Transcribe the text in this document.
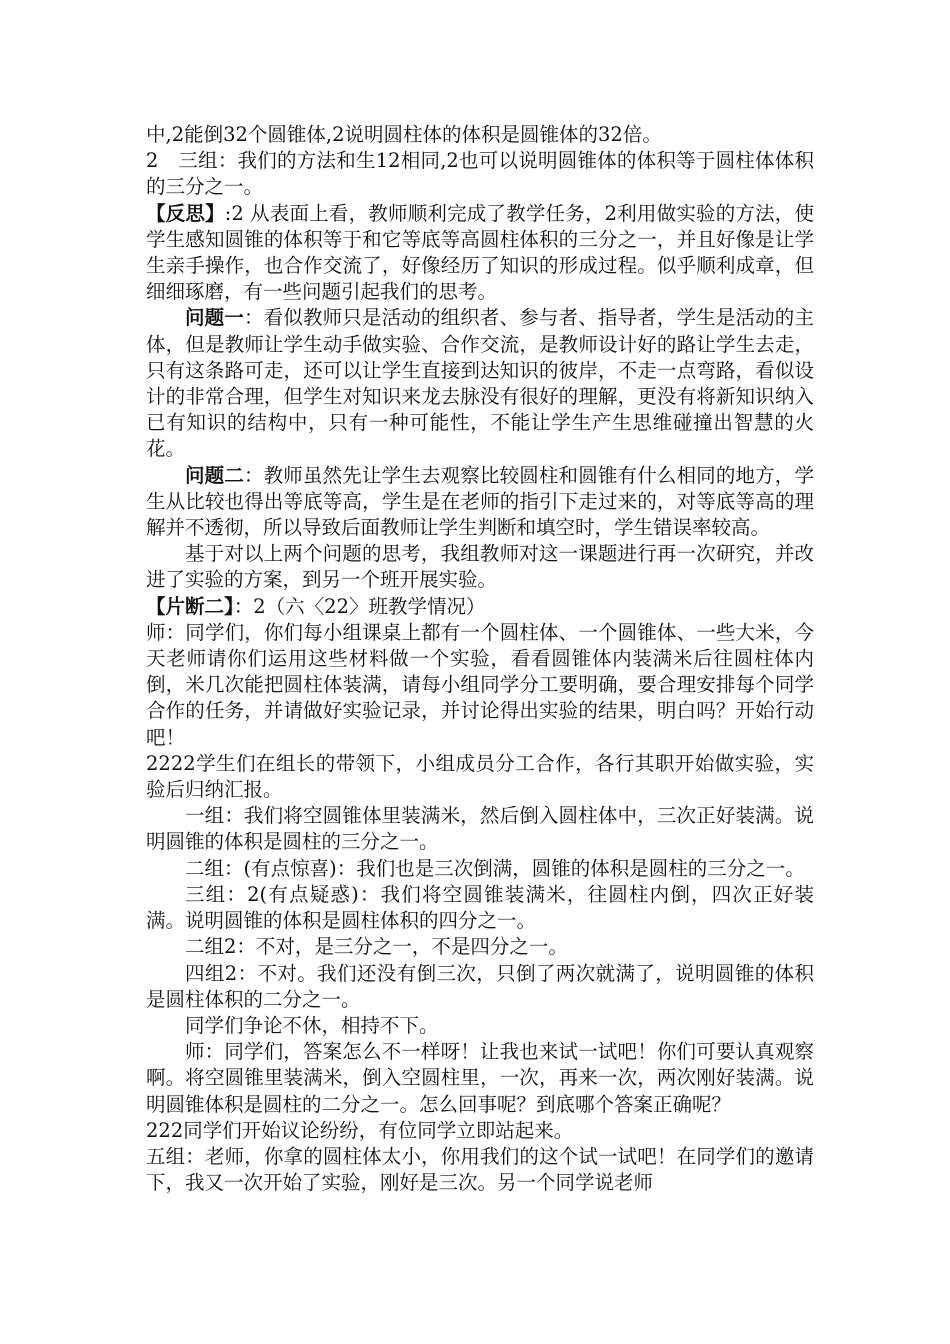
中,2能倒32个圆锥体,2说明圆柱体的体积是圆锥体的32倍。

2　三组：我们的方法和生12相同,2也可以说明圆锥体的体积等于圆柱体体积的三分之一。

【反思】:2 从表面上看，教师顺利完成了教学任务，2利用做实验的方法，使学生感知圆锥的体积等于和它等底等高圆柱体积的三分之一，并且好像是让学生亲手操作，也合作交流了，好像经历了知识的形成过程。似乎顺利成章，但细细琢磨，有一些问题引起我们的思考。

问题一：看似教师只是活动的组织者、参与者、指导者，学生是活动的主体，但是教师让学生动手做实验、合作交流，是教师设计好的路让学生去走，只有这条路可走，还可以让学生直接到达知识的彼岸，不走一点弯路，看似设计的非常合理，但学生对知识来龙去脉没有很好的理解，更没有将新知识纳入已有知识的结构中，只有一种可能性，不能让学生产生思维碰撞出智慧的火花。

问题二：教师虽然先让学生去观察比较圆柱和圆锥有什么相同的地方，学生从比较也得出等底等高，学生是在老师的指引下走过来的，对等底等高的理解并不透彻，所以导致后面教师让学生判断和填空时，学生错误率较高。

基于对以上两个问题的思考，我组教师对这一课题进行再一次研究，并改进了实验的方案，到另一个班开展实验。

【片断二】：2（六〈22〉班教学情况）

师：同学们，你们每小组课桌上都有一个圆柱体、一个圆锥体、一些大米，今天老师请你们运用这些材料做一个实验，看看圆锥体内装满米后往圆柱体内倒，米几次能把圆柱体装满，请每小组同学分工要明确，要合理安排每个同学合作的任务，并请做好实验记录，并讨论得出实验的结果，明白吗？开始行动吧！

2222学生们在组长的带领下，小组成员分工合作，各行其职开始做实验，实验后归纳汇报。

一组：我们将空圆锥体里装满米，然后倒入圆柱体中，三次正好装满。说明圆锥的体积是圆柱的三分之一。

二组：(有点惊喜)：我们也是三次倒满，圆锥的体积是圆柱的三分之一。

三组：2(有点疑惑)：我们将空圆锥装满米，往圆柱内倒，四次正好装满。说明圆锥的体积是圆柱体积的四分之一。

二组2：不对，是三分之一，不是四分之一。

四组2：不对。我们还没有倒三次，只倒了两次就满了，说明圆锥的体积是圆柱体积的二分之一。

同学们争论不休，相持不下。

师：同学们，答案怎么不一样呀！让我也来试一试吧！你们可要认真观察啊。将空圆锥里装满米，倒入空圆柱里，一次，再来一次，两次刚好装满。说明圆锥体积是圆柱的二分之一。怎么回事呢？到底哪个答案正确呢？

222同学们开始议论纷纷，有位同学立即站起来。

五组：老师，你拿的圆柱体太小，你用我们的这个试一试吧！在同学们的邀请下，我又一次开始了实验，刚好是三次。另一个同学说老师
